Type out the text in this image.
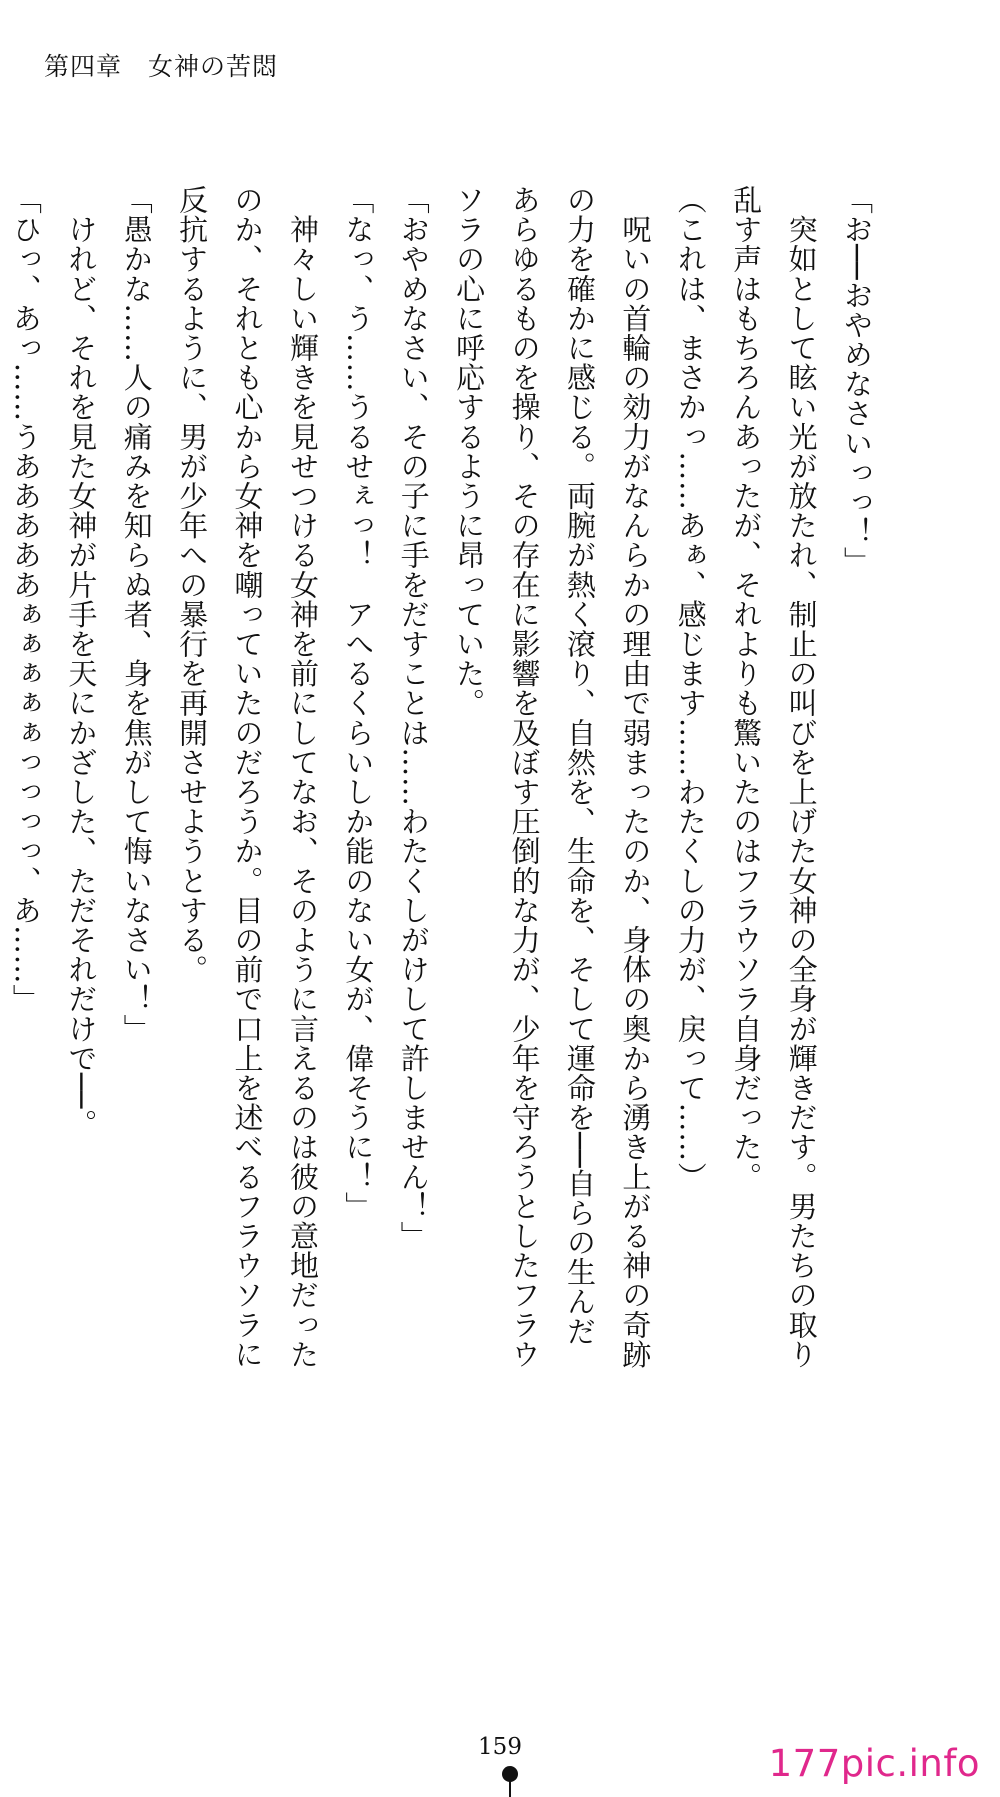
第四章　女神の苦悶

「お──おやめなさいっっ！」

　突如として眩い光が放たれ、制止の叫びを上げた女神の全身が輝きだす。男たちの取り

乱す声はもちろんあったが、それよりも驚いたのはフラウソラ自身だった。

（これは、まさかっ……あぁ、感じます……わたくしの力が、戻って……）

　呪いの首輪の効力がなんらかの理由で弱まったのか、身体の奥から湧き上がる神の奇跡

の力を確かに感じる。両腕が熱く滾り、自然を、生命を、そして運命を──自らの生んだ

あらゆるものを操り、その存在に影響を及ぼす圧倒的な力が、少年を守ろうとしたフラウ

ソラの心に呼応するように昂っていた。

「おやめなさい、その子に手をだすことは……わたくしがけして許しません！」

「なっ、う……うるせぇっ！　アへるくらいしか能のない女が、偉そうに！」

　神々しい輝きを見せつける女神を前にしてなお、そのように言えるのは彼の意地だった

のか、それとも心から女神を嘲っていたのだろうか。目の前で口上を述べるフラウソラに

反抗するように、男が少年への暴行を再開させようとする。

「愚かな……人の痛みを知らぬ者、身を焦がして悔いなさい！」

　けれど、それを見た女神が片手を天にかざした、ただそれだけで──。

「ひっ、あっ……うあああああぁぁぁぁぁっっっっ、あ……」

159	177pic.info
